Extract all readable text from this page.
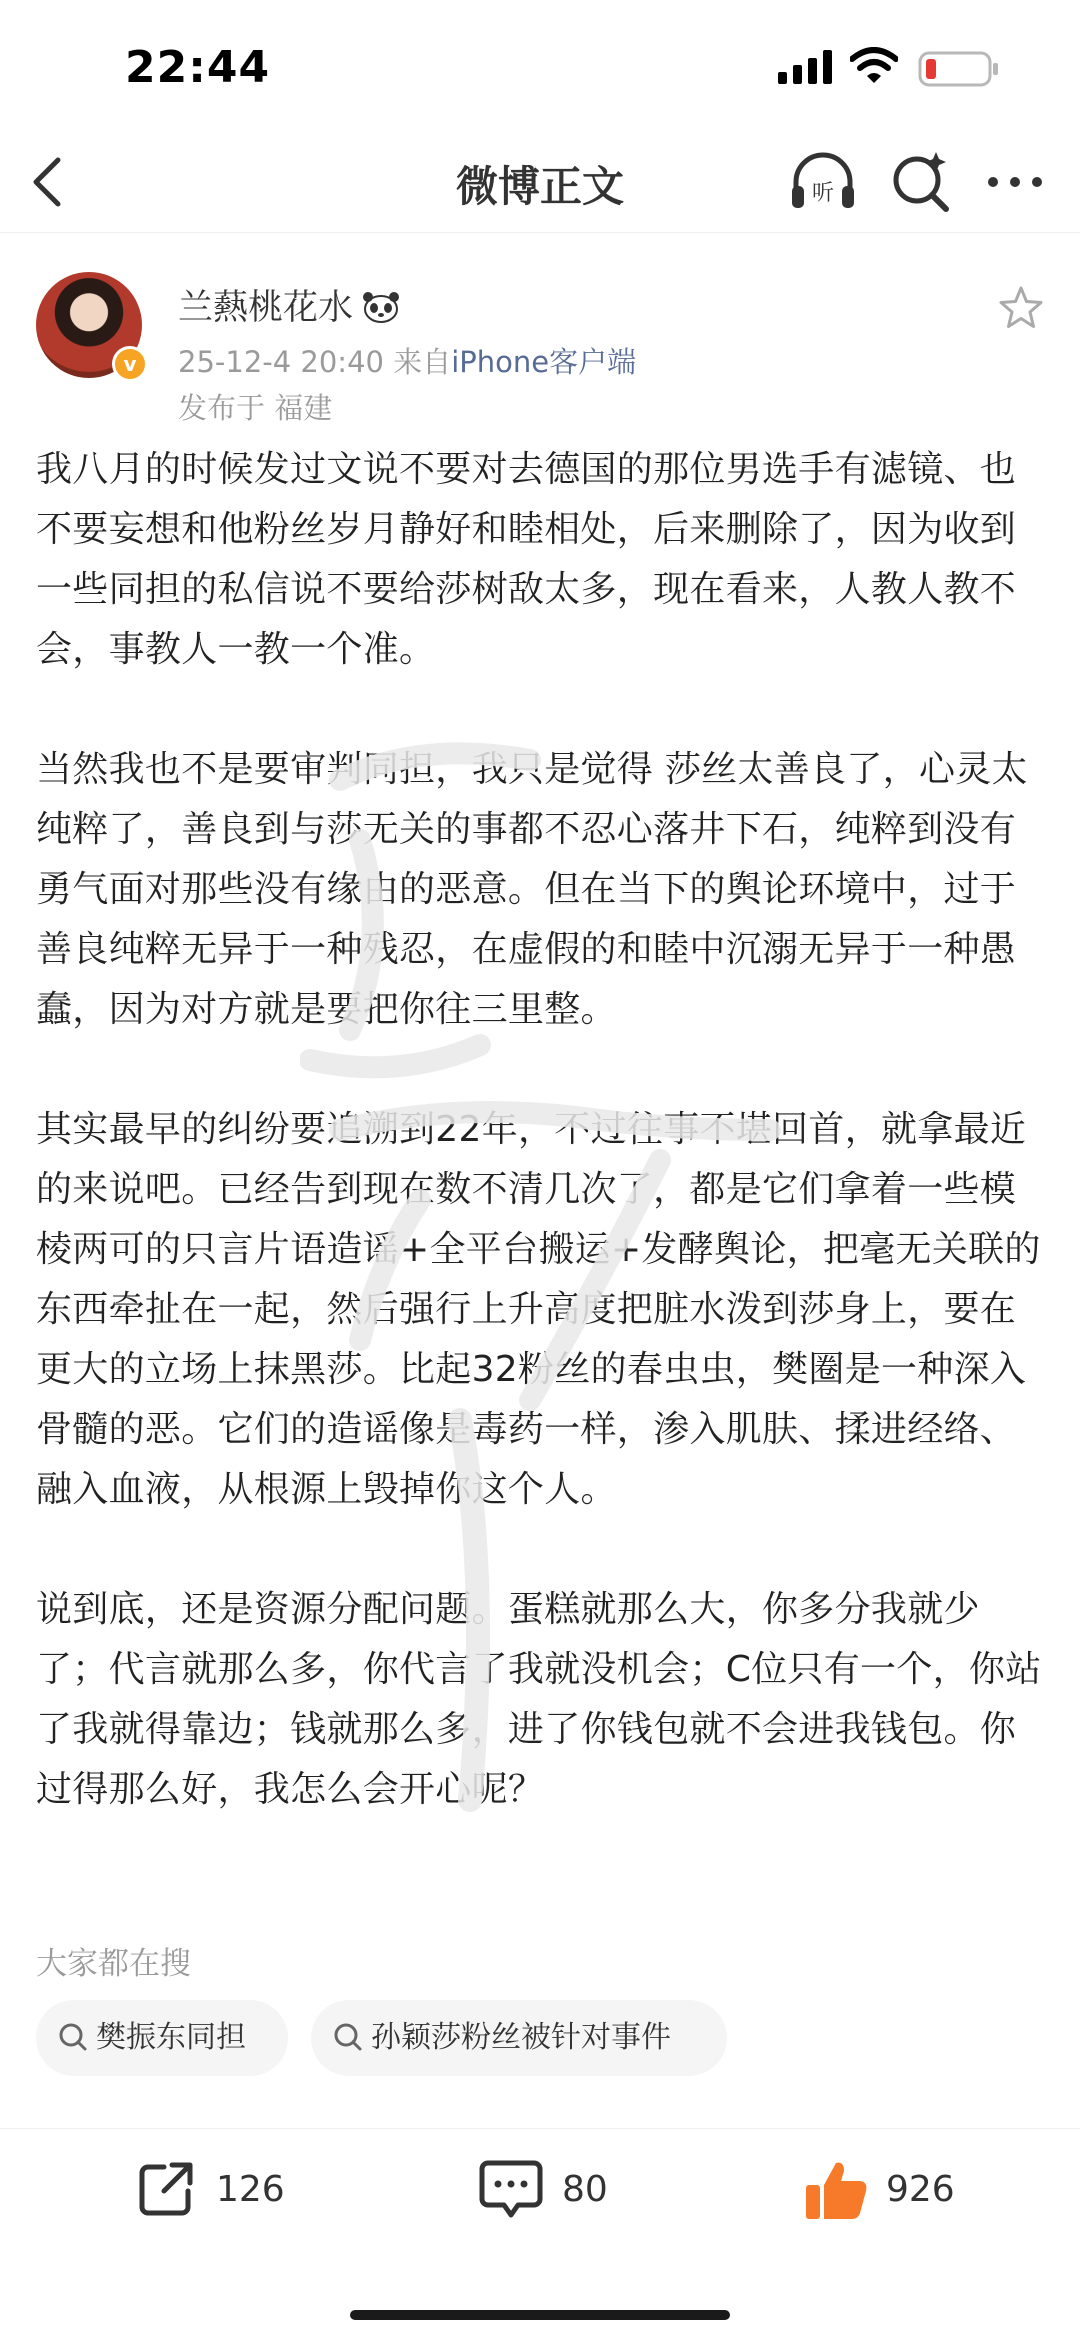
22:44
微博正文	听
v
兰爇桃花水
25-12-4 20:40 来自iPhone客户端
发布于 福建

我八月的时候发过文说不要对去德国的那位男选手有滤镜、也不要妄想和他粉丝岁月静好和睦相处，后来删除了，因为收到一些同担的私信说不要给莎树敌太多，现在看来，人教人教不会，事教人一教一个准。

当然我也不是要审判同担，我只是觉得 莎丝太善良了，心灵太纯粹了，善良到与莎无关的事都不忍心落井下石，纯粹到没有勇气面对那些没有缘由的恶意。但在当下的舆论环境中，过于善良纯粹无异于一种残忍，在虚假的和睦中沉溺无异于一种愚蠢，因为对方就是要把你往三里整。

其实最早的纠纷要追溯到22年，不过往事不堪回首，就拿最近的来说吧。已经告到现在数不清几次了，都是它们拿着一些模棱两可的只言片语造谣+全平台搬运+发酵舆论，把毫无关联的东西牵扯在一起，然后强行上升高度把脏水泼到莎身上，要在更大的立场上抹黑莎。比起32粉丝的春虫虫，樊圈是一种深入骨髓的恶。它们的造谣像是毒药一样，渗入肌肤、揉进经络、融入血液，从根源上毁掉你这个人。

说到底，还是资源分配问题。蛋糕就那么大，你多分我就少了；代言就那么多，你代言了我就没机会；C位只有一个，你站了我就得靠边；钱就那么多，进了你钱包就不会进我钱包。你过得那么好，我怎么会开心呢？

大家都在搜
樊振东同担	孙颖莎粉丝被针对事件
126	80	926
